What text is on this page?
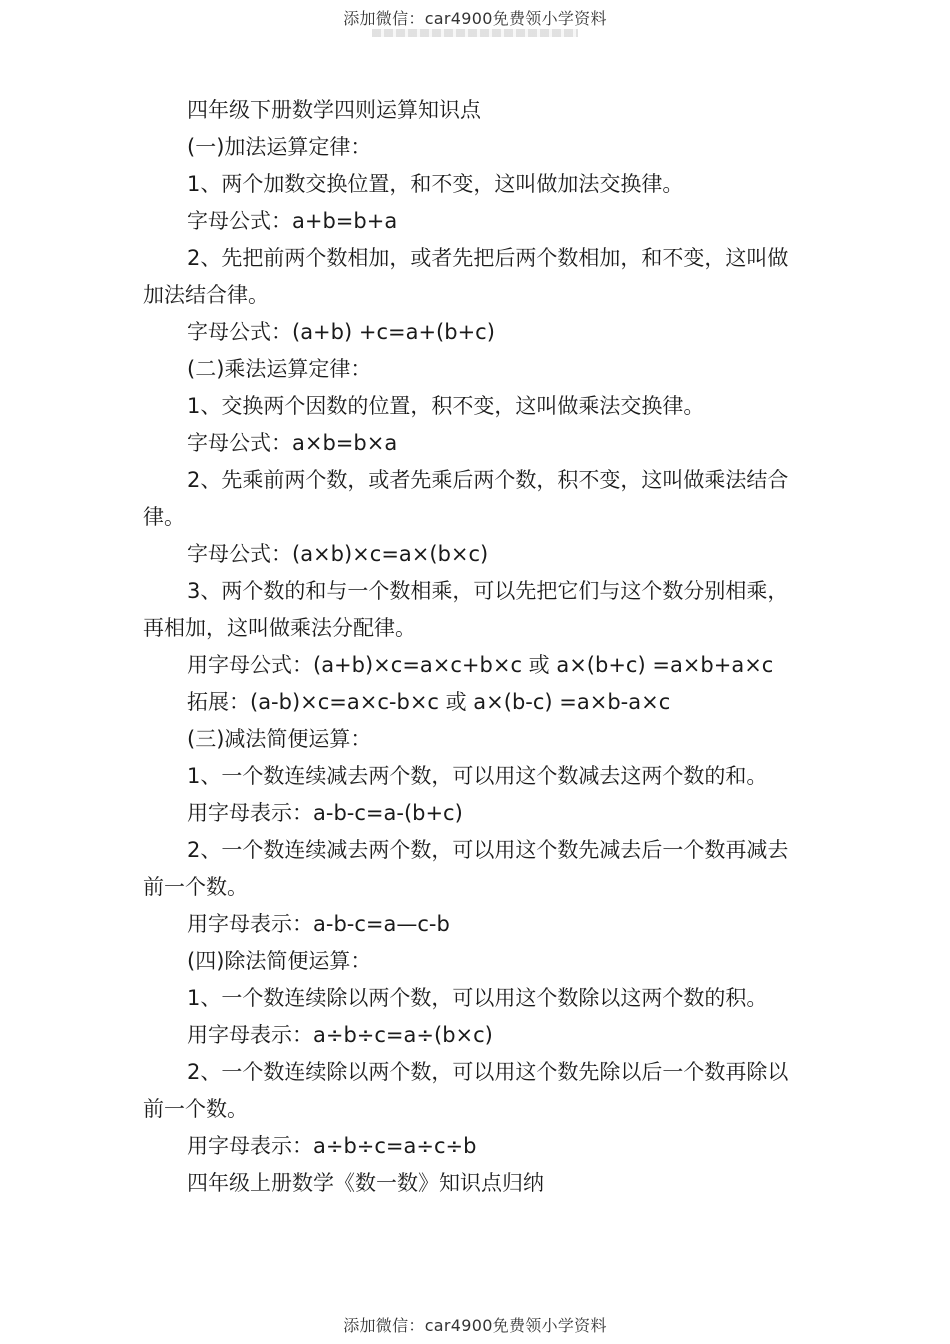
添加微信：car4900免费领小学资料
四年级下册数学四则运算知识点
(一)加法运算定律：
1、两个加数交换位置，和不变，这叫做加法交换律。
字母公式：a+b=b+a
2、先把前两个数相加，或者先把后两个数相加，和不变，这叫做
加法结合律。
字母公式：(a+b) +c=a+(b+c)
(二)乘法运算定律：
1、交换两个因数的位置，积不变，这叫做乘法交换律。
字母公式：a×b=b×a
2、先乘前两个数，或者先乘后两个数，积不变，这叫做乘法结合
律。
字母公式：(a×b)×c=a×(b×c)
3、两个数的和与一个数相乘，可以先把它们与这个数分别相乘，
再相加，这叫做乘法分配律。
用字母公式：(a+b)×c=a×c+b×c 或 a×(b+c) =a×b+a×c
拓展：(a-b)×c=a×c-b×c 或 a×(b-c) =a×b-a×c
(三)减法简便运算：
1、一个数连续减去两个数，可以用这个数减去这两个数的和。
用字母表示：a-b-c=a-(b+c)
2、一个数连续减去两个数，可以用这个数先减去后一个数再减去
前一个数。
用字母表示：a-b-c=a—c-b
(四)除法简便运算：
1、一个数连续除以两个数，可以用这个数除以这两个数的积。
用字母表示：a÷b÷c=a÷(b×c)
2、一个数连续除以两个数，可以用这个数先除以后一个数再除以
前一个数。
用字母表示：a÷b÷c=a÷c÷b
四年级上册数学《数一数》知识点归纳
添加微信：car4900免费领小学资料
